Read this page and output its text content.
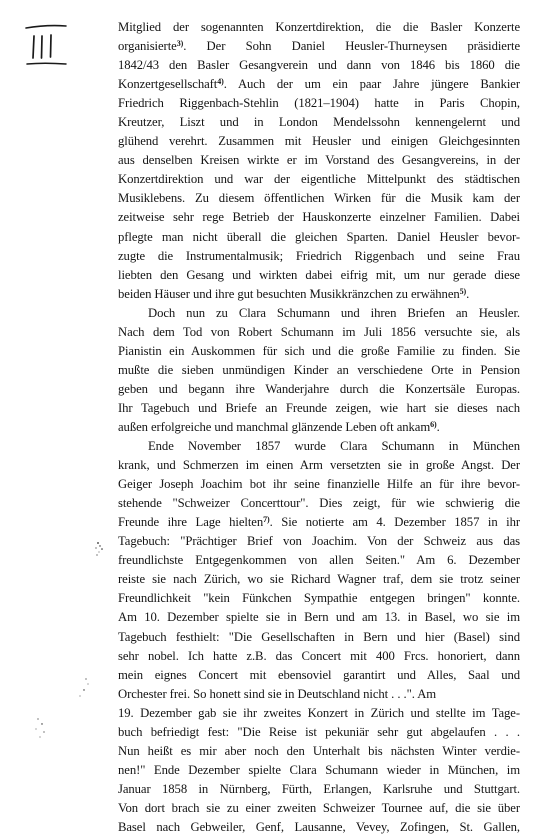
Mitglied der sogenannten Konzertdirektion, die die Basler Konzerte
organisierte$^{3)}$. Der Sohn Daniel Heusler-Thurneysen präsidierte
1842/43 den Basler Gesangverein und dann von 1846 bis 1860 die
Konzertgesellschaft$^{4)}$. Auch der um ein paar Jahre jüngere Bankier
Friedrich Riggenbach-Stehlin (1821–1904) hatte in Paris Chopin,
Kreutzer, Liszt und in London Mendelssohn kennengelernt und
glühend verehrt. Zusammen mit Heusler und einigen Gleichgesinnten
aus denselben Kreisen wirkte er im Vorstand des Gesangvereins, in der
Konzertdirektion und war der eigentliche Mittelpunkt des städtischen
Musiklebens. Zu diesem öffentlichen Wirken für die Musik kam der
zeitweise sehr rege Betrieb der Hauskonzerte einzelner Familien. Dabei
pflegte man nicht überall die gleichen Sparten. Daniel Heusler bevor-
zugte die Instrumentalmusik; Friedrich Riggenbach und seine Frau
liebten den Gesang und wirkten dabei eifrig mit, um nur gerade diese
beiden Häuser und ihre gut besuchten Musikkränzchen zu erwähnen$^{5)}$.
Doch nun zu Clara Schumann und ihren Briefen an Heusler.
Nach dem Tod von Robert Schumann im Juli 1856 versuchte sie, als
Pianistin ein Auskommen für sich und die große Familie zu finden. Sie
mußte die sieben unmündigen Kinder an verschiedene Orte in Pension
geben und begann ihre Wanderjahre durch die Konzertsäle Europas.
Ihr Tagebuch und Briefe an Freunde zeigen, wie hart sie dieses nach
außen erfolgreiche und manchmal glänzende Leben oft ankam$^{6)}$.
Ende November 1857 wurde Clara Schumann in München
krank, und Schmerzen im einen Arm versetzten sie in große Angst. Der
Geiger Joseph Joachim bot ihr seine finanzielle Hilfe an für ihre bevor-
stehende "Schweizer Concerttour". Dies zeigt, für wie schwierig die
Freunde ihre Lage hielten$^{7)}$. Sie notierte am 4. Dezember 1857 in ihr
Tagebuch: "Prächtiger Brief von Joachim. Von der Schweiz aus das
freundlichste Entgegenkommen von allen Seiten." Am 6. Dezember
reiste sie nach Zürich, wo sie Richard Wagner traf, dem sie trotz seiner
Freundlichkeit "kein Fünkchen Sympathie entgegen bringen" konnte.
Am 10. Dezember spielte sie in Bern und am 13. in Basel, wo sie im
Tagebuch festhielt: "Die Gesellschaften in Bern und hier (Basel) sind
sehr nobel. Ich hatte z.B. das Concert mit 400 Frcs. honoriert, dann
mein eignes Concert mit ebensoviel garantirt und Alles, Saal und
Orchester frei. So honett sind sie in Deutschland nicht . . .". Am
19. Dezember gab sie ihr zweites Konzert in Zürich und stellte im Tage-
buch befriedigt fest: "Die Reise ist pekuniär sehr gut abgelaufen . . .
Nun heißt es mir aber noch den Unterhalt bis nächsten Winter verdie-
nen!" Ende Dezember spielte Clara Schumann wieder in München, im
Januar 1858 in Nürnberg, Fürth, Erlangen, Karlsruhe und Stuttgart.
Von dort brach sie zu einer zweiten Schweizer Tournee auf, die sie über
Basel nach Gebweiler, Genf, Lausanne, Vevey, Zofingen, St. Gallen,
